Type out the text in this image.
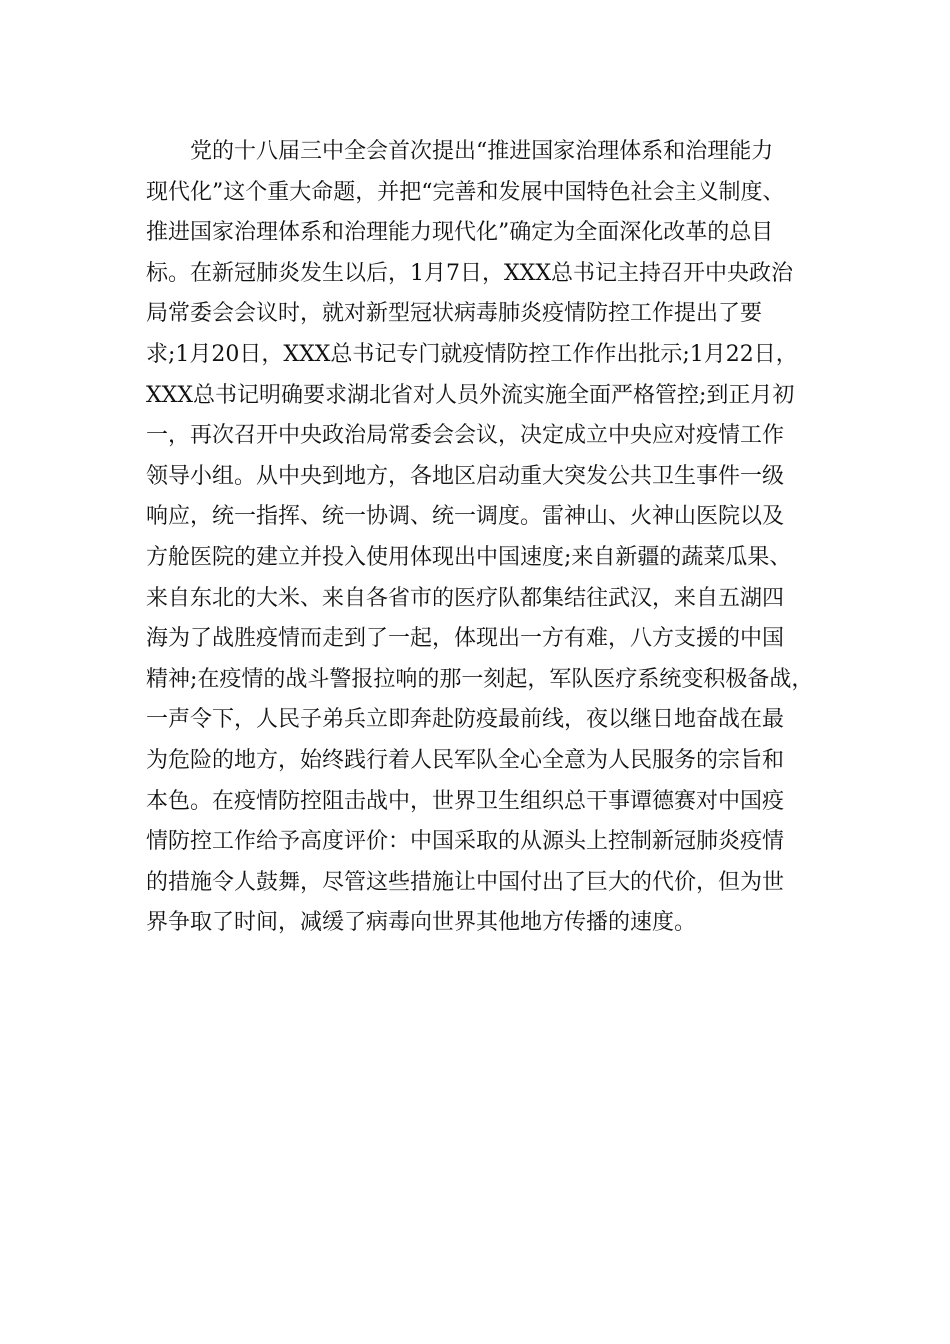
党的十八届三中全会首次提出“推进国家治理体系和治理能力
现代化”这个重大命题，并把“完善和发展中国特色社会主义制度、
推进国家治理体系和治理能力现代化”确定为全面深化改革的总目
标。在新冠肺炎发生以后，1月7日，XXX总书记主持召开中央政治
局常委会会议时，就对新型冠状病毒肺炎疫情防控工作提出了要
求;1月20日，XXX总书记专门就疫情防控工作作出批示;1月22日，
XXX总书记明确要求湖北省对人员外流实施全面严格管控;到正月初
一，再次召开中央政治局常委会会议，决定成立中央应对疫情工作
领导小组。从中央到地方，各地区启动重大突发公共卫生事件一级
响应，统一指挥、统一协调、统一调度。雷神山、火神山医院以及
方舱医院的建立并投入使用体现出中国速度;来自新疆的蔬菜瓜果、
来自东北的大米、来自各省市的医疗队都集结往武汉，来自五湖四
海为了战胜疫情而走到了一起，体现出一方有难，八方支援的中国
精神;在疫情的战斗警报拉响的那一刻起，军队医疗系统变积极备战，
一声令下，人民子弟兵立即奔赴防疫最前线，夜以继日地奋战在最
为危险的地方，始终践行着人民军队全心全意为人民服务的宗旨和
本色。在疫情防控阻击战中，世界卫生组织总干事谭德赛对中国疫
情防控工作给予高度评价：中国采取的从源头上控制新冠肺炎疫情
的措施令人鼓舞，尽管这些措施让中国付出了巨大的代价，但为世
界争取了时间，减缓了病毒向世界其他地方传播的速度。
